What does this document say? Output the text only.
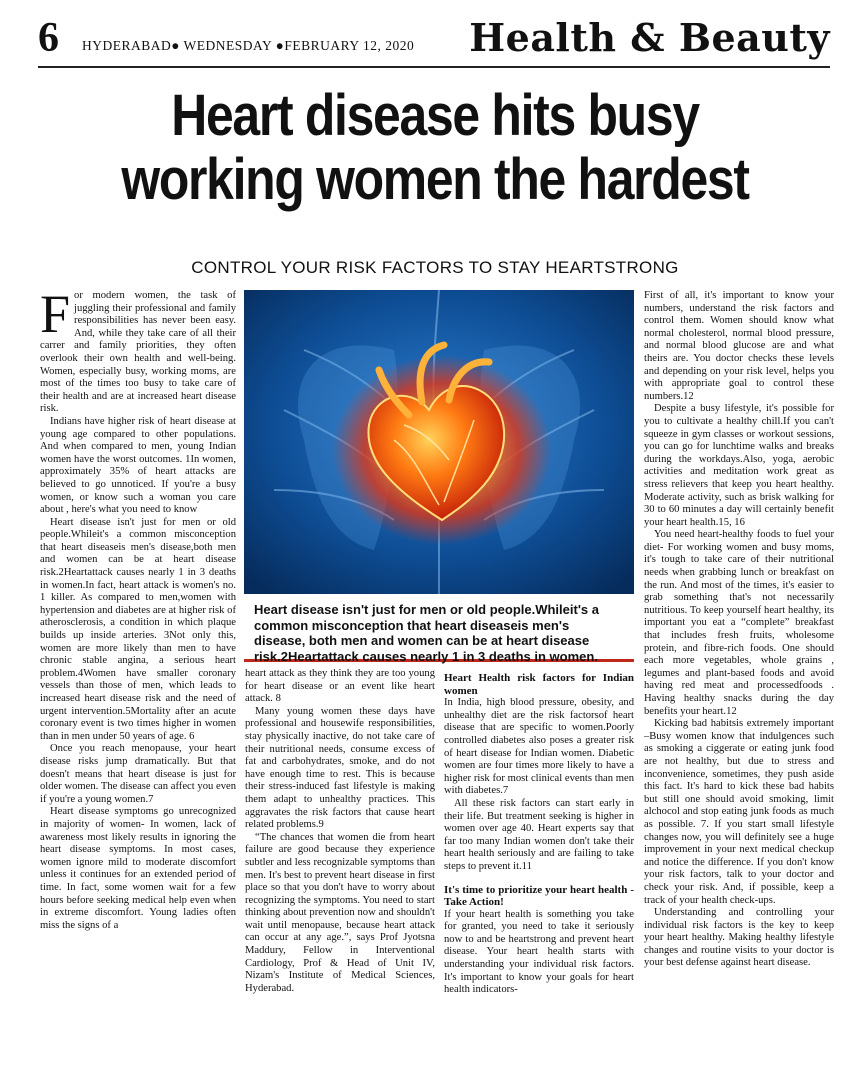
6 HYDERABAD● WEDNESDAY ●FEBRUARY 12, 2020 Health & Beauty
Heart disease hits busy
working women the hardest
CONTROL YOUR RISK FACTORS TO STAY HEARTSTRONG

For modern women, the task of juggling their professional and family responsibilities has never been easy. And, while they take care of all their carrer and family priorities, they often overlook their own health and well-being. Women, especially busy, working moms, are most of the times too busy to take care of their health and are at increased heart disease risk.

Indians have higher risk of heart disease at young age compared to other populations. And when compared to men, young Indian women have the worst outcomes. 1In women, approximately 35% of heart attacks are believed to go unnoticed. If you're a busy women, or know such a woman you care about , here's what you need to know

Heart disease isn't just for men or old people.Whileit's a common misconception that heart diseaseis men's disease,both men and women can be at heart disease risk.2Heartattack causes nearly 1 in 3 deaths in women.In fact, heart attack is women's no. 1 killer. As compared to men,women with hypertension and diabetes are at higher risk of atherosclerosis, a condition in which plaque builds up inside arteries. 3Not only this, women are more likely than men to have chronic stable angina, a serious heart problem.4Women have smaller coronary vessels than those of men, which leads to increased heart disease risk and the need of urgent intervention.5Mortality after an acute coronary event is two times higher in women than in men under 50 years of age. 6

Once you reach menopause, your heart disease risks jump dramatically. But that doesn't means that heart disease is just for older women. The disease can affect you even if you're a young women.7

Heart disease symptoms go unrecognized in majority of women- In women, lack of awareness most likely results in ignoring the heart disease symptoms. In most cases, women ignore mild to moderate discomfort unless it continues for an extended period of time. In fact, some women wait for a few hours before seeking medical help even when in extreme discomfort. Young ladies often miss the signs of a

Heart disease isn't just for men or old people.Whileit's a common misconception that heart diseaseis men's disease, both men and women can be at heart disease risk.2Heartattack causes nearly 1 in 3 deaths in women.

heart attack as they think they are too young for heart disease or an event like heart attack. 8

Many young women these days have professional and housewife responsibilities, stay physically inactive, do not take care of their nutritional needs, consume excess of fat and carbohydrates, smoke, and do not have enough time to rest. This is because their stress-induced fast lifestyle is making them adapt to unhealthy practices. This aggravates the risk factors that cause heart related problems.9

“The chances that women die from heart failure are good because they experience subtler and less recognizable symptoms than men. It's best to prevent heart disease in first place so that you don't have to worry about recognizing the symptoms. You need to start thinking about prevention now and shouldn't wait until menopause, because heart attack can occur at any age.”, says Prof Jyotsna Maddury, Fellow in Interventional Cardiology, Prof & Head of Unit IV, Nizam's Institute of Medical Sciences, Hyderabad.

Heart Health risk factors for Indian women

In India, high blood pressure, obesity, and unhealthy diet are the risk factorsof heart disease that are specific to women.Poorly controlled diabetes also poses a greater risk of heart disease for Indian women. Diabetic women are four times more likely to have a higher risk for most clinical events than men with diabetes.7

All these risk factors can start early in their life. But treatment seeking is higher in women over age 40. Heart experts say that far too many Indian women don't take their heart health seriously and are failing to take steps to prevent it.11

It's time to prioritize your heart health - Take Action!

If your heart health is something you take for granted, you need to take it seriously now to and be heartstrong and prevent heart disease. Your heart health starts with understanding your individual risk factors. It's important to know your goals for heart health indicators-

First of all, it's important to know your numbers, understand the risk factors and control them. Women should know what normal cholesterol, normal blood pressure, and normal blood glucose are and what theirs are. You doctor checks these levels and depending on your risk level, helps you with appropriate goal to control these numbers.12

Despite a busy lifestyle, it's possible for you to cultivate a healthy chill.If you can't squeeze in gym classes or workout sessions, you can go for lunchtime walks and breaks during the workdays.Also, yoga, aerobic activities and meditation work great as stress relievers that keep you heart healthy. Moderate activity, such as brisk walking for 30 to 60 minutes a day will certainly benefit your heart health.15, 16

You need heart-healthy foods to fuel your diet- For working women and busy moms, it's tough to take care of their nutritional needs when grabbing lunch or breakfast on the run. And most of the times, it's easier to grab something that's not necessarily nutritious. To keep yourself heart healthy, its important you eat a “complete” breakfast that includes fresh fruits, wholesome protein, and fibre-rich foods. One should each more vegetables, whole grains , legumes and plant-based foods and avoid having red meat and processedfoods . Having healthy snacks during the day benefits your heart.12

Kicking bad habitsis extremely important –Busy women know that indulgences such as smoking a ciggerate or eating junk food are not healthy, but due to stress and inconvenience, sometimes, they push aside this fact. It's hard to kick these bad habits but still one should avoid smoking, limit alchocol and stop eating junk foods as much as possible. 7. If you start small lifestyle changes now, you will definitely see a huge improvement in your next medical checkup and notice the difference. If you don't know your risk factors, talk to your doctor and check your risk. And, if possible, keep a track of your health check-ups.

Understanding and controlling your individual risk factors is the key to keep your heart healthy. Making healthy lifestyle changes and routine visits to your doctor is your best defense against heart disease.
